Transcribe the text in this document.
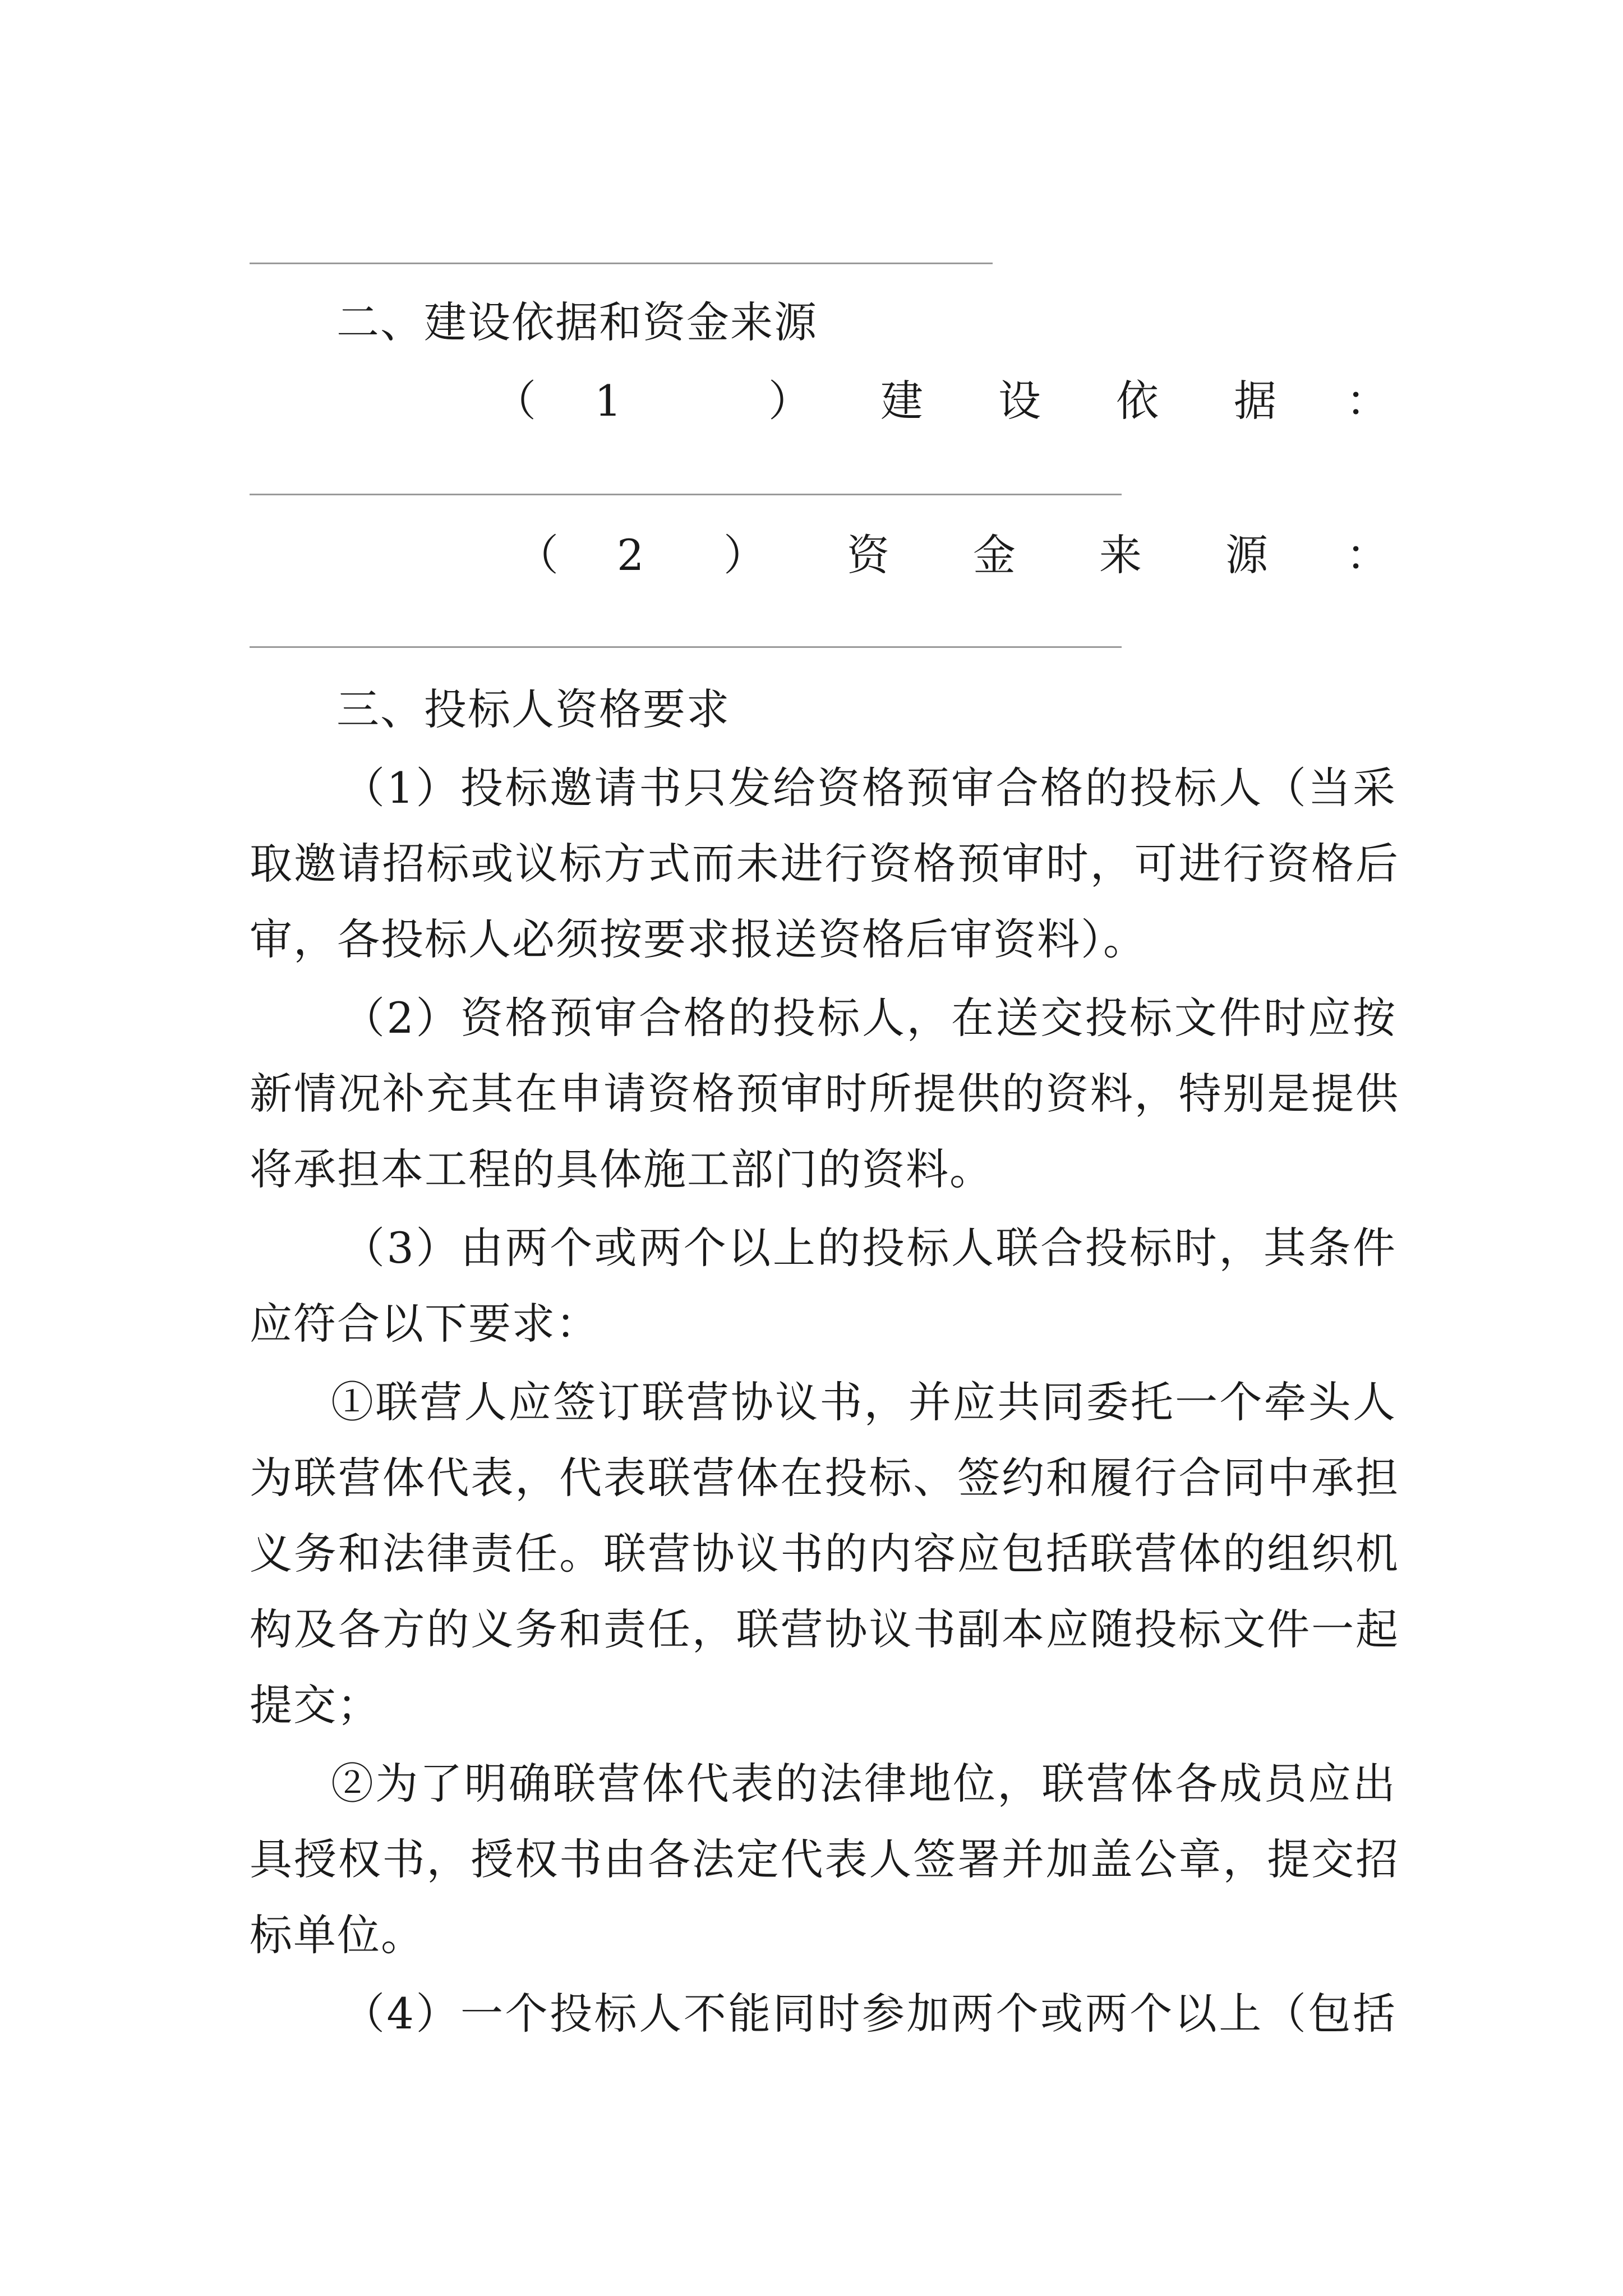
二、建设依据和资金来源
（ 1	） 建 设 依 据 ：
（ 2 ） 资 金 来 源 ：
三、投标人资格要求
（1）投标邀请书只发给资格预审合格的投标人（当采
取邀请招标或议标方式而未进行资格预审时，可进行资格后
审，各投标人必须按要求报送资格后审资料）。
（2）资格预审合格的投标人，在送交投标文件时应按
新情况补充其在申请资格预审时所提供的资料，特别是提供
将承担本工程的具体施工部门的资料。
（3）由两个或两个以上的投标人联合投标时，其条件
应符合以下要求：
①联营人应签订联营协议书，并应共同委托一个牵头人
为联营体代表，代表联营体在投标、签约和履行合同中承担
义务和法律责任。联营协议书的内容应包括联营体的组织机
构及各方的义务和责任，联营协议书副本应随投标文件一起
提交；
②为了明确联营体代表的法律地位，联营体各成员应出
具授权书，授权书由各法定代表人签署并加盖公章，提交招
标单位。
（4）一个投标人不能同时参加两个或两个以上（包括
